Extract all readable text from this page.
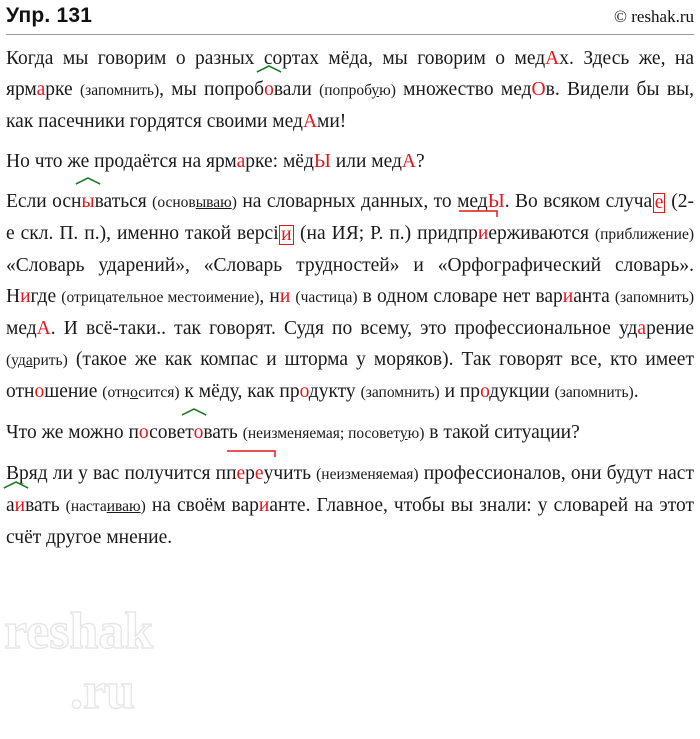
Упр. 131	© reshak.ru

Когда мы говорим о разных сортах мёда, мы говорим о медАх. Здесь же, на ярмарке (запомнить), мы попроб
овали (попробую) множество медОв. Видели бы вы, как пасечники гордятся своими медАми!

Но что же продаётся на ярмарке: мёдЫ или медА?

Если осн
ываться (основываю) на словарных данных, то медЫ. Во всяком случа е (2-е скл. П. п.), именно такой версi и (на ИЯ; Р. п.) прид
приерживаются (приближение) «Словарь ударений», «Словарь трудностей» и «Орфографический словарь». Нигде (отрицательное местоимение), ни (частица) в одном словаре нет варианта (запомнить) медА. И всё-таки.. так говорят. Судя по всему, это профессиональное ударение (ударить) (такое же как компас и шторма у моряков). Так говорят все, кто имеет отношение (относится) к мёду, как продукту (запомнить) и продукции (запомнить).

Что же можно посове
товать (неизменяемая; посоветую) в такой ситуации?

Вряд ли у вас получится п
переучить (неизменяемая) профессионалов, они будут наст
аивать (настаиваю) на своём варианте. Главное, чтобы вы знали: у словарей на этот счёт другое мнение.

reshak
.ru
